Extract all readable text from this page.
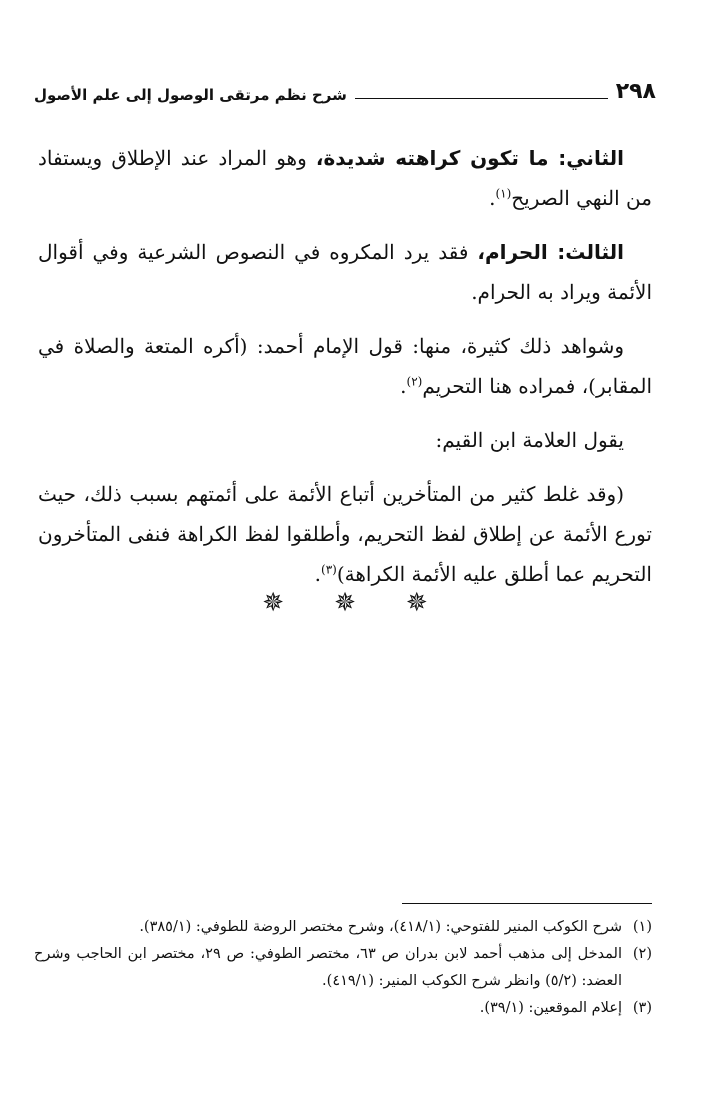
٢٩٨
شرح نظم مرتقى الوصول إلى علم الأصول

الثاني: ما تكون كراهته شديدة، وهو المراد عند الإطلاق ويستفاد من النهي الصريح$^{(١)}$.

الثالث: الحرام، فقد يرد المكروه في النصوص الشرعية وفي أقوال الأئمة ويراد به الحرام.

وشواهد ذلك كثيرة، منها: قول الإمام أحمد: (أكره المتعة والصلاة في المقابر)، فمراده هنا التحريم$^{(٢)}$.

يقول العلامة ابن القيم:

(وقد غلط كثير من المتأخرين أتباع الأئمة على أئمتهم بسبب ذلك، حيث تورع الأئمة عن إطلاق لفظ التحريم، وأطلقوا لفظ الكراهة فنفى المتأخرون التحريم عما أطلق عليه الأئمة الكراهة)$^{(٣)}$.

✵✵✵
(١)
شرح الكوكب المنير للفتوحي: (٤١٨/١)، وشرح مختصر الروضة للطوفي: (٣٨٥/١).
(٢)
المدخل إلى مذهب أحمد لابن بدران ص ٦٣، مختصر الطوفي: ص ٢٩، مختصر ابن الحاجب وشرح العضد: (٥/٢) وانظر شرح الكوكب المنير: (٤١٩/١).
(٣)
إعلام الموقعين: (٣٩/١).
